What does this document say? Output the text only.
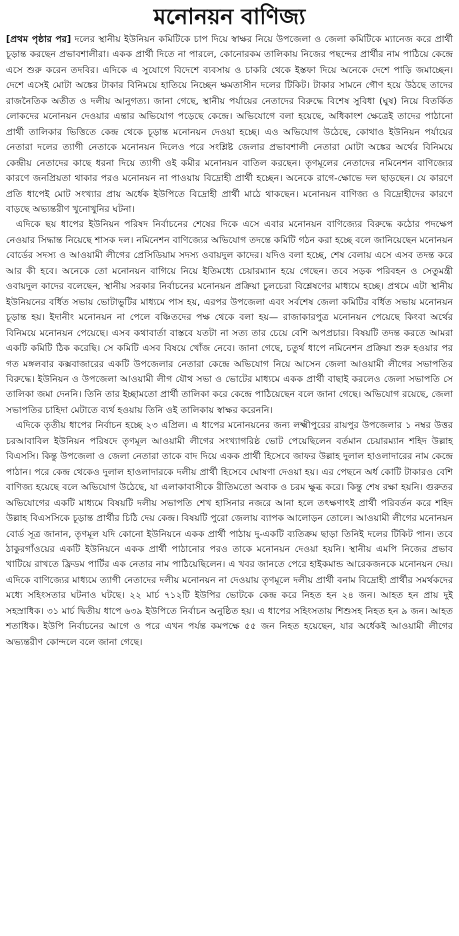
মনোনয়ন বাণিজ্য

[প্রথম পৃষ্ঠার পর] দলের স্থানীয় ইউনিয়ন কমিটিকে চাপ দিয়ে স্বাক্ষর নিয়ে উপজেলা ও জেলা কমিটিকে ম্যানেজ করে প্রার্থী চূড়ান্ত করছেন প্রভাবশালীরা। একক প্রার্থী দিতে না পারলে, কোনোরকম তালিকায় নিজের পছন্দের প্রার্থীর নাম পাঠিয়ে কেন্দ্রে এসে শুরু করেন তদবির। এদিকে এ সুযোগে বিদেশে ব্যবসায় ও চাকরি থেকে ইস্তফা দিয়ে অনেকে দেশে পাড়ি জমাচ্ছেন। দেশে এসেই মোটা অঙ্কের টাকার বিনিময়ে হাতিয়ে নিচ্ছেন ক্ষমতাসীন দলের টিকিট। টাকার সামনে গৌণ হয়ে উঠছে তাদের রাজনৈতিক অতীত ও দলীয় আনুগত্য। জানা গেছে, স্থানীয় পর্যায়ের নেতাদের বিরুদ্ধে বিশেষ সুবিধা (ঘুষ) নিয়ে বিতর্কিত লোকদের মনোনয়ন দেওয়ার এন্তার অভিযোগ পড়েছে কেন্দ্রে। অভিযোগে বলা হয়েছে, অধিকাংশ ক্ষেত্রেই তাদের পাঠানো প্রার্থী তালিকার ভিত্তিতে কেন্দ্র থেকে চূড়ান্ত মনোনয়ন দেওয়া হচ্ছে। এও অভিযোগ উঠেছে, কোথাও ইউনিয়ন পর্যায়ের নেতারা দলের ত্যাগী নেতাকে মনোনয়ন দিলেও পরে সংশ্লিষ্ট জেলার প্রভাবশালী নেতারা মোটা অঙ্কের অর্থের বিনিময়ে কেন্দ্রীয় নেতাদের কাছে ধরনা দিয়ে ত্যাগী ওই কমীর মনোনয়ন বাতিল করছেন। তৃণমূলের নেতাদের নমিনেশন বাণিজ্যের কারণে জনপ্রিয়তা থাকার পরও মনোনয়ন না পাওয়ায় বিদ্রোহী প্রার্থী হচ্ছেন। অনেকে রাগে-ক্ষোভে দল ছাড়ছেন। যে কারণে প্রতি ধাপেই মোট সংখ্যার প্রায় অর্ধেক ইউপিতে বিদ্রোহী প্রার্থী মাঠে থাকছেন। মনোনয়ন বাণিজ্য ও বিদ্রোহীদের কারণে বাড়ছে অভ্যন্তরীণ খুনোখুনির ঘটনা।

এদিকে ছয় ধাপের ইউনিয়ন পরিষদ নির্বাচনের শেষের দিকে এসে এবার মনোনয়ন বাণিজ্যের বিরুদ্ধে কঠোর পদক্ষেপ নেওয়ার সিদ্ধান্ত নিয়েছে শাসক দল। নমিনেশন বাণিজ্যের অভিযোগ তদন্তে কমিটি গঠন করা হচ্ছে বলে জানিয়েছেন মনোনয়ন বোর্ডের সদস্য ও আওয়ামী লীগের প্রেসিডিয়াম সদস্য ওবায়দুল কাদের। যদিও বলা হচ্ছে, শেষ বেলায় এসে এসব তদন্ত করে আর কী হবে। অনেকে তো মনোনয়ন বাগিয়ে নিয়ে ইতিমধ্যে চেয়ারম্যান হয়ে গেছেন। তবে সড়ক পরিবহন ও সেতুমন্ত্রী ওবায়দুল কাদের বলেছেন, স্থানীয় সরকার নির্বাচনের মনোনয়ন প্রক্রিয়া চুলচেরা বিশ্লেষণের মাধ্যমে হচ্ছে। প্রথমে এটা স্থানীয় ইউনিয়নের বর্ধিত সভায় ভোটাভুটির মাধ্যমে পাস হয়, এরপর উপজেলা এবং সর্বশেষ জেলা কমিটির বর্ধিত সভায় মনোনয়ন চূড়ান্ত হয়। ইদানীং মনোনয়ন না পেলে বঞ্চিতদের পক্ষ থেকে বলা হয়— রাজাকারপুত্র মনোনয়ন পেয়েছে কিংবা অর্থের বিনিময়ে মনোনয়ন পেয়েছে। এসব কথাবার্তা বাস্তবে যতটা না সত্য তার চেয়ে বেশি অপপ্রচার। বিষয়টি তদন্ত করতে আমরা একটি কমিটি ঠিক করেছি। সে কমিটি এসব বিষয়ে খোঁজ নেবে। জানা গেছে, চতুর্থ ধাপে নমিনেশন প্রক্রিয়া শুরু হওয়ার পর গত মঙ্গলবার কক্সবাজারের একটি উপজেলার নেতারা কেন্দ্রে অভিযোগ নিয়ে আসেন জেলা আওয়ামী লীগের সভাপতির বিরুদ্ধে। ইউনিয়ন ও উপজেলা আওয়ামী লীগ যৌথ সভা ও ভোটের মাধ্যমে একক প্রার্থী বাছাই করলেও জেলা সভাপতি সে তালিকা জমা দেননি। তিনি তার ইচ্ছামতো প্রার্থী তালিকা করে কেন্দ্রে পাঠিয়েছেন বলে জানা গেছে। অভিযোগ রয়েছে, জেলা সভাপতির চাহিদা মেটাতে ব্যর্থ হওয়ায় তিনি ওই তালিকায় স্বাক্ষর করেননি।

এদিকে তৃতীয় ধাপের নির্বাচন হচ্ছে ২৩ এপ্রিল। এ ধাপের মনোনয়নের জন্য লক্ষ্মীপুরের রায়পুর উপজেলার ১ নম্বর উত্তর চরআবাবিল ইউনিয়ন পরিষদে তৃণমূল আওয়ামী লীগের সংখ্যাগরিষ্ঠ ভোট পেয়েছিলেন বর্তমান চেয়ারম্যান শহিদ উল্লাহ বিএসসি। কিন্তু উপজেলা ও জেলা নেতারা তাকে বাদ দিয়ে একক প্রার্থী হিসেবে জাফর উল্লাহ দুলাল হাওলাদারের নাম কেন্দ্রে পাঠান। পরে কেন্দ্র থেকেও দুলাল হাওলাদারকে দলীয় প্রার্থী হিসেবে ঘোষণা দেওয়া হয়। এর পেছনে অর্ধ কোটি টাকারও বেশি বাণিজ্য হয়েছে বলে অভিযোগ উঠেছে, যা এলাকাবাসীকে রীতিমতো অবাক ও চরম ক্ষুব্ধ করে। কিন্তু শেষ রক্ষা হয়নি। গুরুতর অভিযোগের একটি মাধ্যমে বিষয়টি দলীয় সভাপতি শেখ হাসিনার নজরে আনা হলে তৎক্ষণাৎই প্রার্থী পরিবর্তন করে শহিদ উল্লাহ বিএসসিকে চূড়ান্ত প্রার্থীর চিঠি দেয় কেন্দ্র। বিষয়টি পুরো জেলায় ব্যাপক আলোড়ন তোলে। আওয়ামী লীগের মনোনয়ন বোর্ড সূত্র জানান, তৃণমূল যদি কোনো ইউনিয়নে একক প্রার্থী পাঠায় দু-একটি ব্যতিক্রম ছাড়া তিনিই দলের টিকিট পান। তবে ঠাকুরগাঁওয়ের একটি ইউনিয়নে একক প্রার্থী পাঠানোর পরও তাকে মনোনয়ন দেওয়া হয়নি। স্থানীয় এমপি নিজের প্রভাব খাটিয়ে রাখতে ফ্রিডম পার্টির এক নেতার নাম পাঠিয়েছিলেন। এ খবর জানতে পেরে হাইকমান্ড আরেকজনকে মনোনয়ন দেয়। এদিকে বাণিজ্যের মাধ্যমে ত্যাগী নেতাদের দলীয় মনোনয়ন না দেওয়ায় তৃণমূলে দলীয় প্রার্থী বনাম বিদ্রোহী প্রার্থীর সমর্থকদের মধ্যে সহিংসতার ঘটনাও ঘটছে। ২২ মার্চ ৭১২টি ইউপির ভোটকে কেন্দ্র করে নিহত হন ২৪ জন। আহত হন প্রায় দুই সহস্রাধিক। ৩১ মার্চ দ্বিতীয় ধাপে ৬৩৯ ইউপিতে নির্বাচন অনুষ্ঠিত হয়। এ ধাপের সহিংসতায় শিশুসহ নিহত হন ৯ জন। আহত শতাধিক। ইউপি নির্বাচনের আগে ও পরে এখন পর্যন্ত কমপক্ষে ৫৫ জন নিহত হয়েছেন, যার অর্ধেকই আওয়ামী লীগের অভ্যন্তরীণ কোন্দলে বলে জানা গেছে।
